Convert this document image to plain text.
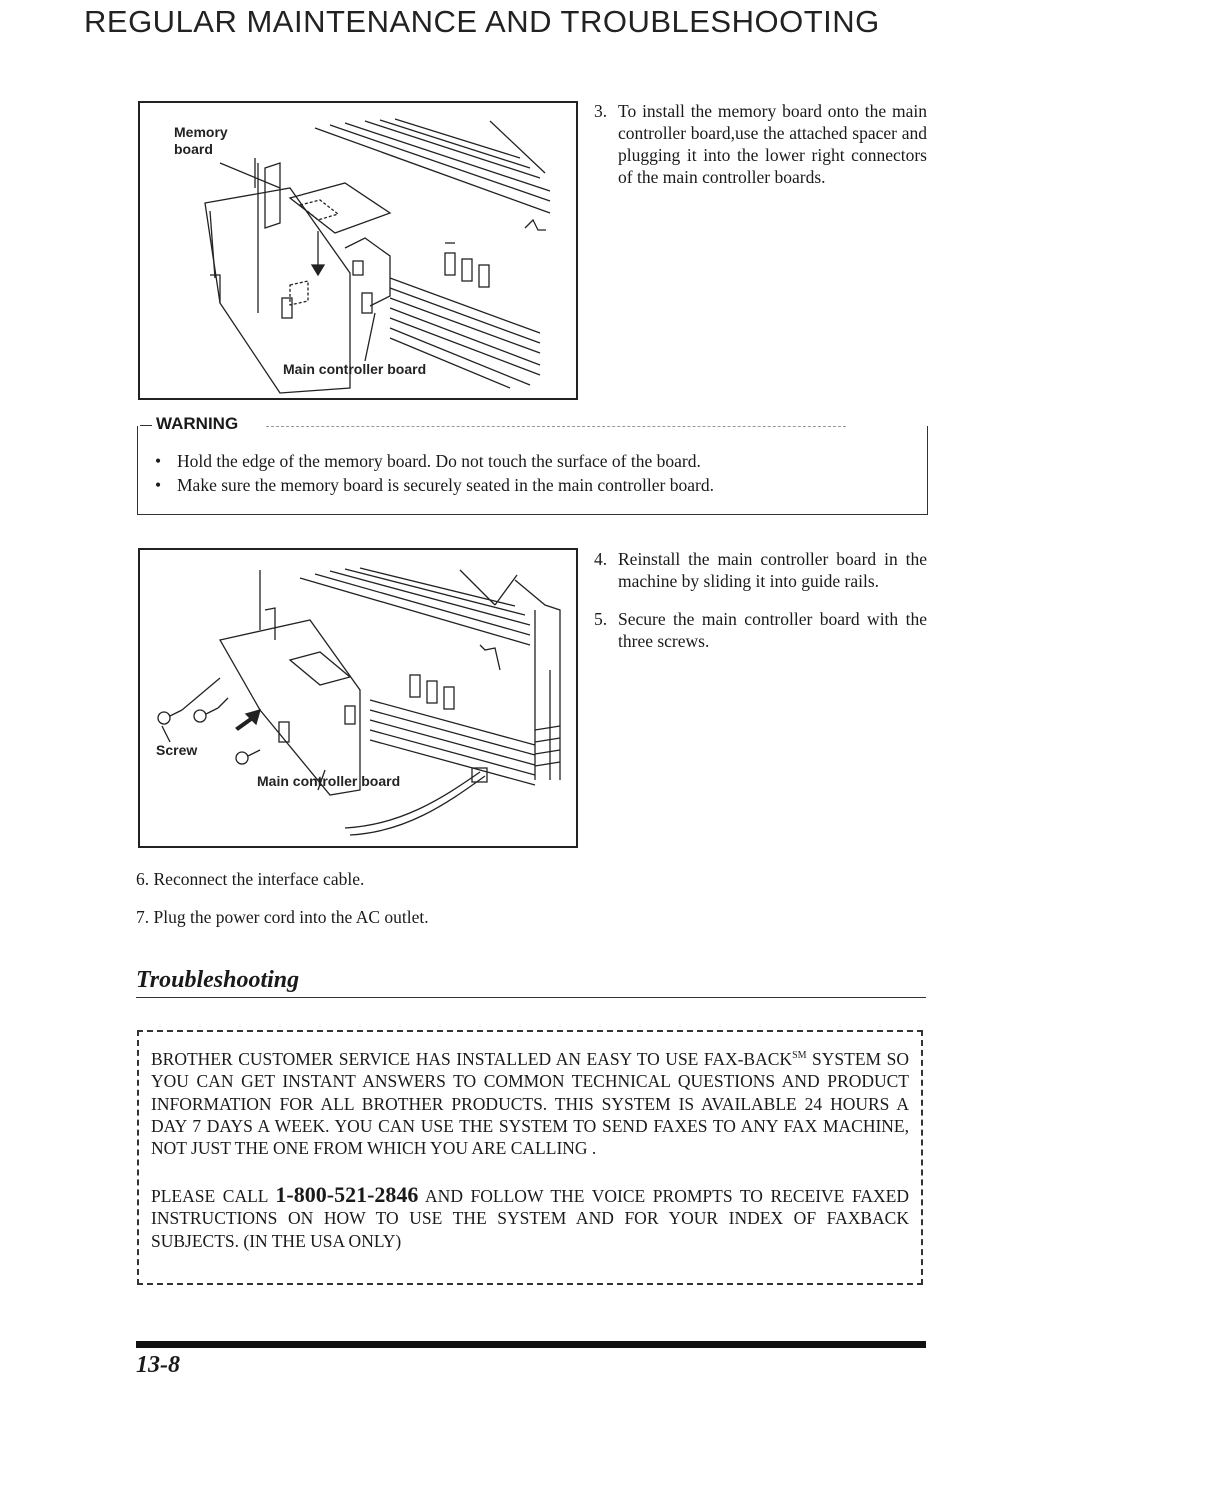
REGULAR MAINTENANCE AND TROUBLESHOOTING
Memory
board
Main controller board
3. To install the memory board onto the main controller board,use the attached spacer and plugging it into the lower right connectors of the main controller boards.
WARNING
• Hold the edge of the memory board. Do not touch the surface of the board.
• Make sure the memory board is securely seated in the main controller board.
Screw
Main controller board
4. Reinstall the main controller board in the machine by sliding it into guide rails.
5. Secure the main controller board with the three screws.
6. Reconnect the interface cable.
7. Plug the power cord into the AC outlet.
Troubleshooting

BROTHER CUSTOMER SERVICE HAS INSTALLED AN EASY TO USE FAX-BACK℠ SYSTEM SO YOU CAN GET INSTANT ANSWERS TO COMMON TECHNICAL QUESTIONS AND PRODUCT INFORMATION FOR ALL BROTHER PRODUCTS. THIS SYSTEM IS AVAILABLE 24 HOURS A DAY 7 DAYS A WEEK. YOU CAN USE THE SYSTEM TO SEND FAXES TO ANY FAX MACHINE, NOT JUST THE ONE FROM WHICH YOU ARE CALLING .

PLEASE CALL 1-800-521-2846 AND FOLLOW THE VOICE PROMPTS TO RECEIVE FAXED INSTRUCTIONS ON HOW TO USE THE SYSTEM AND FOR YOUR INDEX OF FAXBACK SUBJECTS. (IN THE USA ONLY)

13-8
